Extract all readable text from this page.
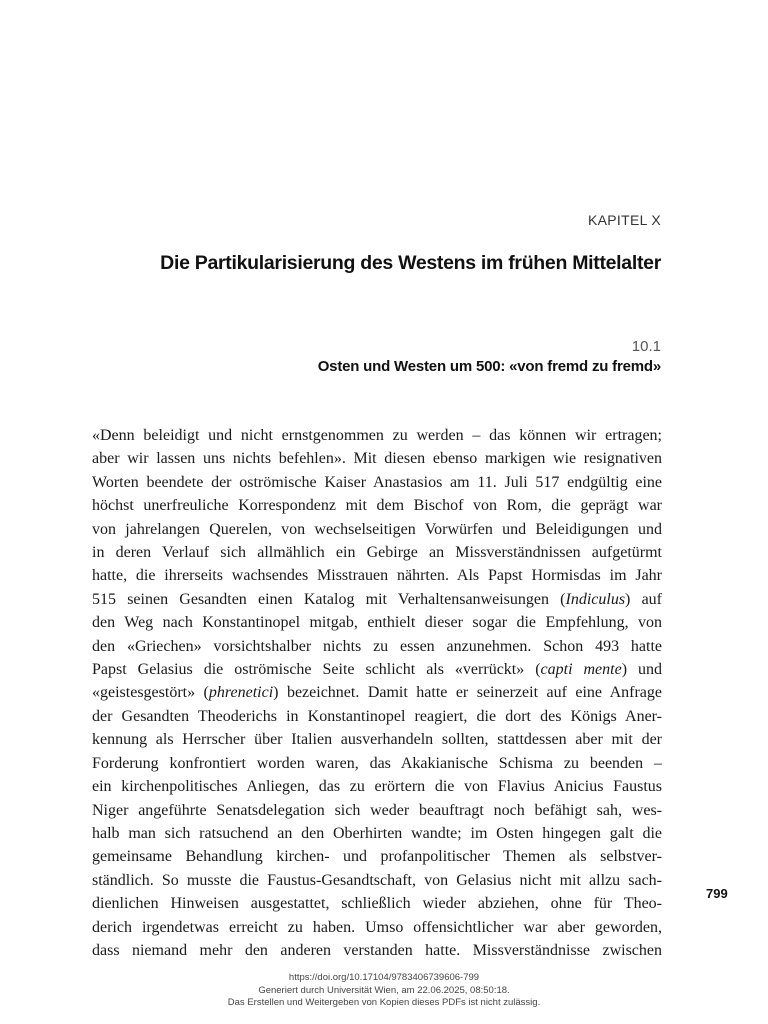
KAPITEL X
Die Partikularisierung des Westens im frühen Mittelalter
10.1
Osten und Westen um 500: «von fremd zu fremd»
«Denn beleidigt und nicht ernstgenommen zu werden – das können wir ertragen;
aber wir lassen uns nichts befehlen». Mit diesen ebenso markigen wie resignativen
Worten beendete der oströmische Kaiser Anastasios am 11. Juli 517 endgültig eine
höchst unerfreuliche Korrespondenz mit dem Bischof von Rom, die geprägt war
von jahrelangen Querelen, von wechselseitigen Vorwürfen und Beleidigungen und
in deren Verlauf sich allmählich ein Gebirge an Missverständnissen aufgetürmt
hatte, die ihrerseits wachsendes Misstrauen nährten. Als Papst Hormisdas im Jahr
515 seinen Gesandten einen Katalog mit Verhaltensanweisungen (Indiculus) auf
den Weg nach Konstantinopel mitgab, enthielt dieser sogar die Empfehlung, von
den «Griechen» vorsichtshalber nichts zu essen anzunehmen. Schon 493 hatte
Papst Gelasius die oströmische Seite schlicht als «verrückt» (capti mente) und
«geistesgestört» (phrenetici) bezeichnet. Damit hatte er seinerzeit auf eine Anfrage
der Gesandten Theoderichs in Konstantinopel reagiert, die dort des Königs Aner-
kennung als Herrscher über Italien ausverhandeln sollten, stattdessen aber mit der
Forderung konfrontiert worden waren, das Akakianische Schisma zu beenden –
ein kirchenpolitisches Anliegen, das zu erörtern die von Flavius Anicius Faustus
Niger angeführte Senatsdelegation sich weder beauftragt noch befähigt sah, wes-
halb man sich ratsuchend an den Oberhirten wandte; im Osten hingegen galt die
gemeinsame Behandlung kirchen- und profanpolitischer Themen als selbstver-
ständlich. So musste die Faustus-Gesandtschaft, von Gelasius nicht mit allzu sach-
dienlichen Hinweisen ausgestattet, schließlich wieder abziehen, ohne für Theo-
derich irgendetwas erreicht zu haben. Umso offensichtlicher war aber geworden,
dass niemand mehr den anderen verstanden hatte. Missverständnisse zwischen
799
https://doi.org/10.17104/9783406739606-799
Generiert durch Universität Wien, am 22.06.2025, 08:50:18.
Das Erstellen und Weitergeben von Kopien dieses PDFs ist nicht zulässig.
